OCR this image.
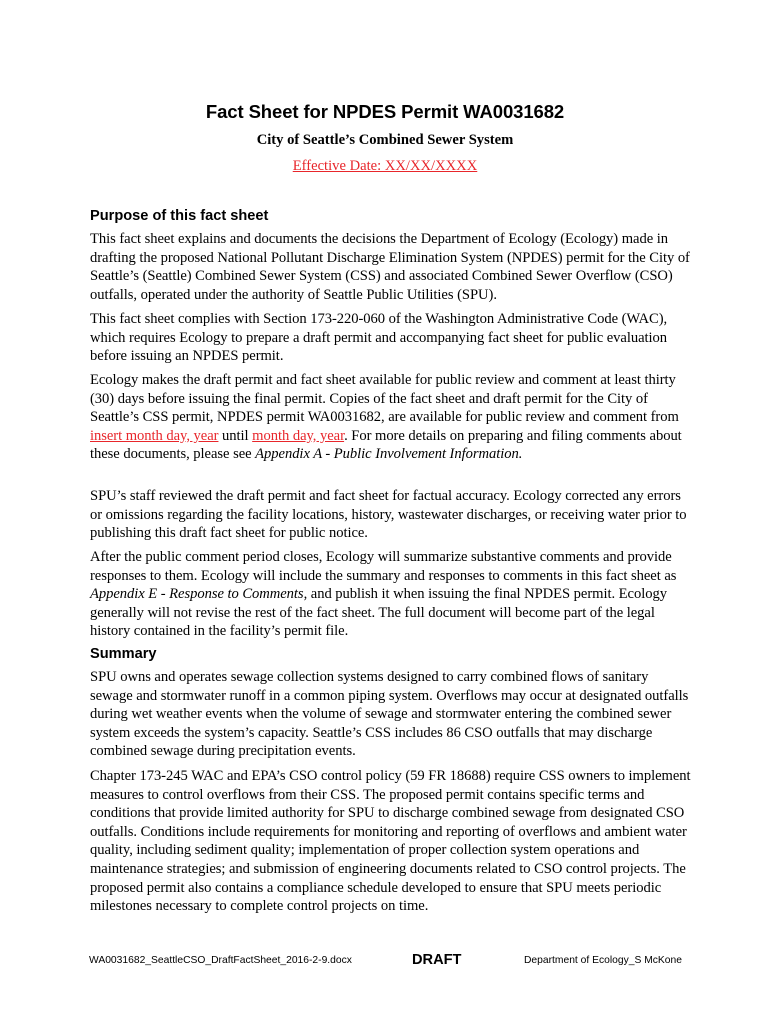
Fact Sheet for NPDES Permit WA0031682
City of Seattle’s Combined Sewer System
Effective Date: XX/XX/XXXX
Purpose of this fact sheet

This fact sheet explains and documents the decisions the Department of Ecology (Ecology) made in drafting the proposed National Pollutant Discharge Elimination System (NPDES) permit for the City of Seattle’s (Seattle) Combined Sewer System (CSS) and associated Combined Sewer Overflow (CSO) outfalls, operated under the authority of Seattle Public Utilities (SPU).

This fact sheet complies with Section 173-220-060 of the Washington Administrative Code (WAC), which requires Ecology to prepare a draft permit and accompanying fact sheet for public evaluation before issuing an NPDES permit.

Ecology makes the draft permit and fact sheet available for public review and comment at least thirty (30) days before issuing the final permit. Copies of the fact sheet and draft permit for the City of Seattle’s CSS permit, NPDES permit WA0031682, are available for public review and comment from insert month day, year until month day, year. For more details on preparing and filing comments about these documents, please see Appendix A - Public Involvement Information.

SPU’s staff reviewed the draft permit and fact sheet for factual accuracy. Ecology corrected any errors or omissions regarding the facility locations, history, wastewater discharges, or receiving water prior to publishing this draft fact sheet for public notice.

After the public comment period closes, Ecology will summarize substantive comments and provide responses to them. Ecology will include the summary and responses to comments in this fact sheet as Appendix E - Response to Comments, and publish it when issuing the final NPDES permit. Ecology generally will not revise the rest of the fact sheet. The full document will become part of the legal history contained in the facility’s permit file.

Summary

SPU owns and operates sewage collection systems designed to carry combined flows of sanitary sewage and stormwater runoff in a common piping system. Overflows may occur at designated outfalls during wet weather events when the volume of sewage and stormwater entering the combined sewer system exceeds the system’s capacity. Seattle’s CSS includes 86 CSO outfalls that may discharge combined sewage during precipitation events.

Chapter 173-245 WAC and EPA’s CSO control policy (59 FR 18688) require CSS owners to implement measures to control overflows from their CSS. The proposed permit contains specific terms and conditions that provide limited authority for SPU to discharge combined sewage from designated CSO outfalls. Conditions include requirements for monitoring and reporting of overflows and ambient water quality, including sediment quality; implementation of proper collection system operations and maintenance strategies; and submission of engineering documents related to CSO control projects. The proposed permit also contains a compliance schedule developed to ensure that SPU meets periodic milestones necessary to complete control projects on time.

WA0031682_SeattleCSO_DraftFactSheet_2016-2-9.docx	DRAFT	Department of Ecology_S McKone
